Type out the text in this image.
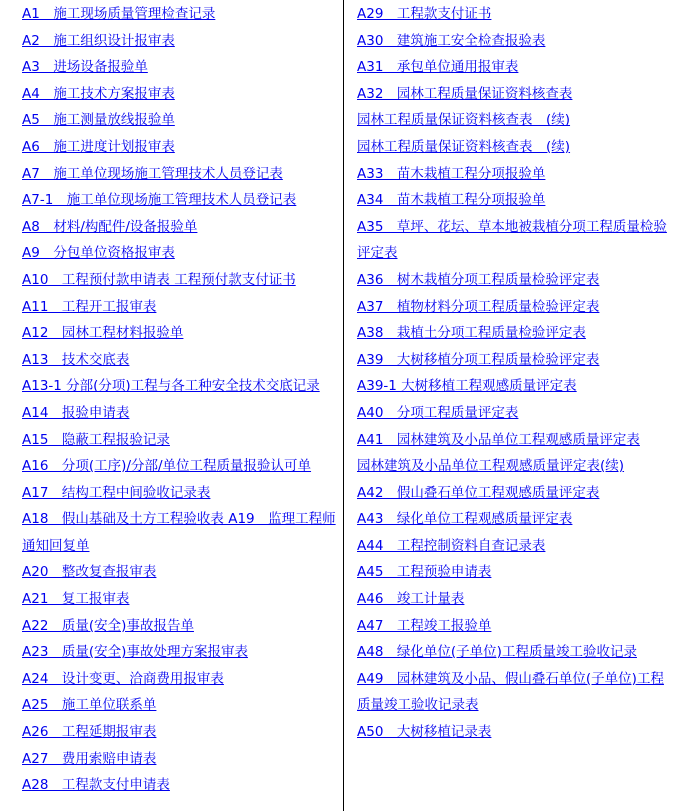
A1　施工现场质量管理检查记录
A2　施工组织设计报审表
A3　进场设备报验单
A4　施工技术方案报审表
A5　施工测量放线报验单
A6　施工进度计划报审表
A7　施工单位现场施工管理技术人员登记表
A7-1　施工单位现场施工管理技术人员登记表
A8　材料/构配件/设备报验单
A9　分包单位资格报审表
A10　工程预付款申请表 工程预付款支付证书
A11　工程开工报审表
A12　园林工程材料报验单
A13　技术交底表
A13-1 分部(分项)工程与各工种安全技术交底记录
A14　报验申请表
A15　隐蔽工程报验记录
A16　分项(工序)/分部/单位工程质量报验认可单
A17　结构工程中间验收记录表
A18　假山基础及土方工程验收表 A19　监理工程师通知回复单
A20　整改复查报审表
A21　复工报审表
A22　质量(安全)事故报告单
A23　质量(安全)事故处理方案报审表
A24　设计变更、洽商费用报审表
A25　施工单位联系单
A26　工程延期报审表
A27　费用索赔申请表
A28　工程款支付申请表
A29　工程款支付证书
A30　建筑施工安全检查报验表
A31　承包单位通用报审表
A32　园林工程质量保证资料核查表
园林工程质量保证资料核查表　(续)
园林工程质量保证资料核查表　(续)
A33　苗木栽植工程分项报验单
A34　苗木栽植工程分项报验单
A35　草坪、花坛、草本地被栽植分项工程质量检验评定表
A36　树木栽植分项工程质量检验评定表
A37　植物材料分项工程质量检验评定表
A38　栽植土分项工程质量检验评定表
A39　大树移植分项工程质量检验评定表
A39-1 大树移植工程观感质量评定表
A40　分项工程质量评定表
A41　园林建筑及小品单位工程观感质量评定表
园林建筑及小品单位工程观感质量评定表(续)
A42　假山叠石单位工程观感质量评定表
A43　绿化单位工程观感质量评定表
A44　工程控制资料自查记录表
A45　工程预验申请表
A46　竣工计量表
A47　工程竣工报验单
A48　绿化单位(子单位)工程质量竣工验收记录
A49　园林建筑及小品、假山叠石单位(子单位)工程质量竣工验收记录表
A50　大树移植记录表
